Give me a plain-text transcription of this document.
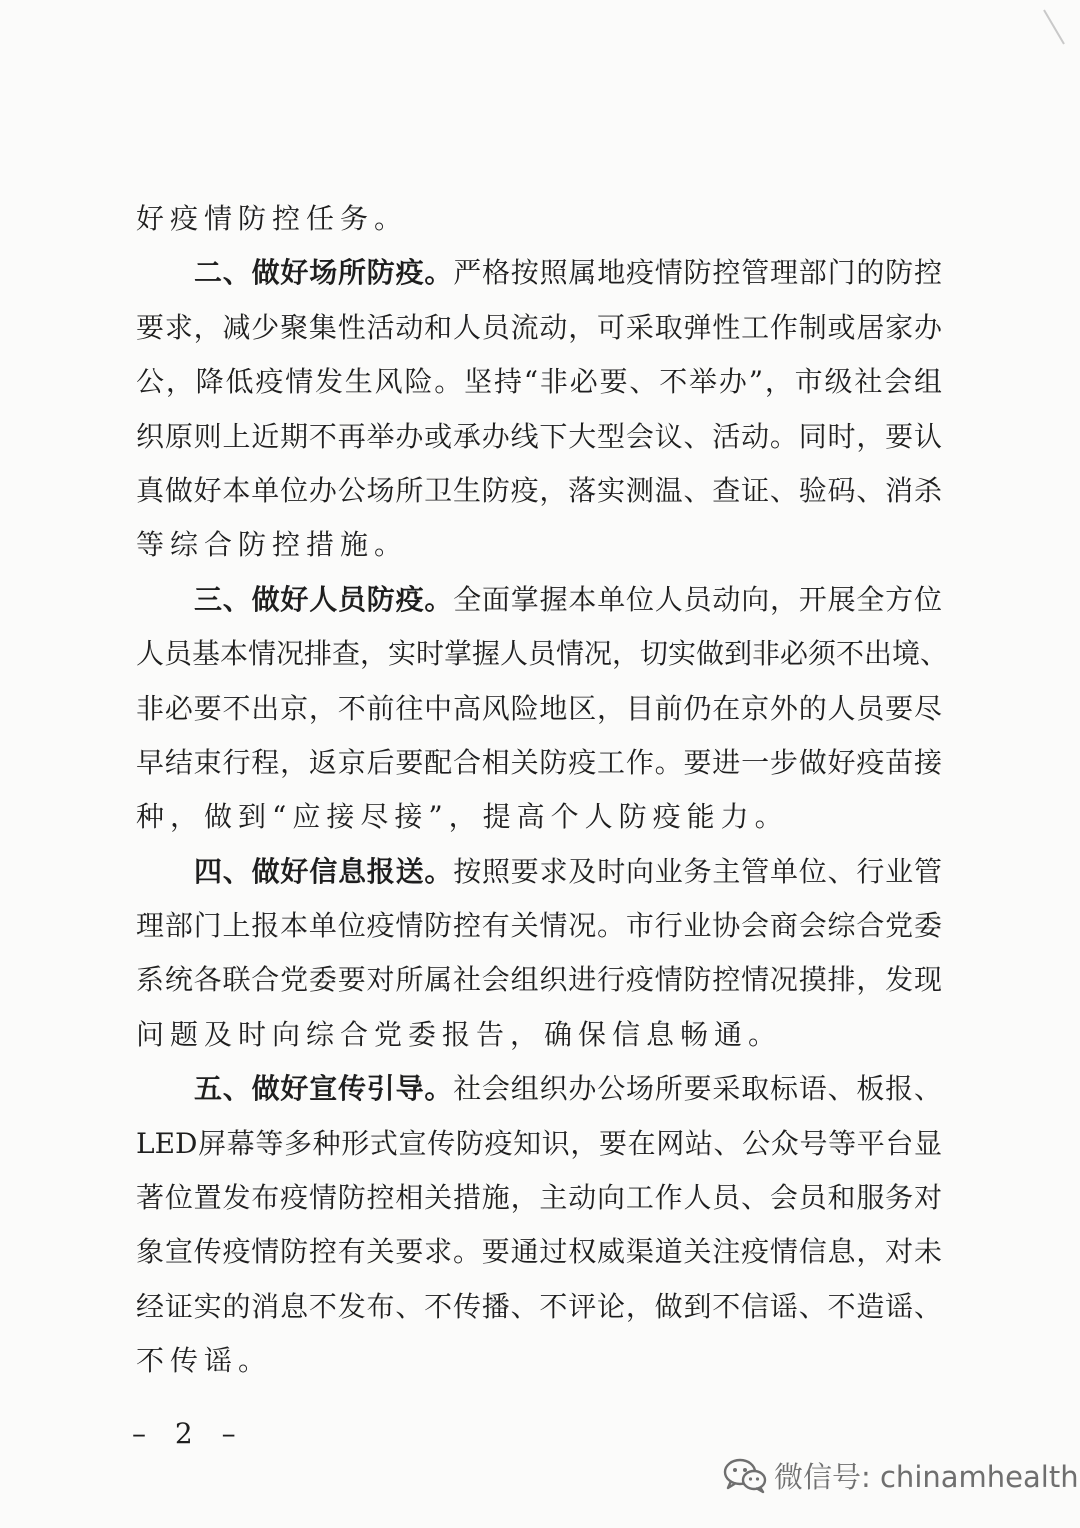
好疫情防控任务。
二、做好场所防疫。严格按照属地疫情防控管理部门的防控
要求，减少聚集性活动和人员流动，可采取弹性工作制或居家办
公，降低疫情发生风险。坚持“非必要、不举办”，市级社会组
织原则上近期不再举办或承办线下大型会议、活动。同时，要认
真做好本单位办公场所卫生防疫，落实测温、查证、验码、消杀
等综合防控措施。
三、做好人员防疫。全面掌握本单位人员动向，开展全方位
人员基本情况排查，实时掌握人员情况，切实做到非必须不出境、
非必要不出京，不前往中高风险地区，目前仍在京外的人员要尽
早结束行程，返京后要配合相关防疫工作。要进一步做好疫苗接
种，做到“应接尽接”，提高个人防疫能力。
四、做好信息报送。按照要求及时向业务主管单位、行业管
理部门上报本单位疫情防控有关情况。市行业协会商会综合党委
系统各联合党委要对所属社会组织进行疫情防控情况摸排，发现
问题及时向综合党委报告，确保信息畅通。
五、做好宣传引导。社会组织办公场所要采取标语、板报、
LED屏幕等多种形式宣传防疫知识，要在网站、公众号等平台显
著位置发布疫情防控相关措施，主动向工作人员、会员和服务对
象宣传疫情防控有关要求。要通过权威渠道关注疫情信息，对未
经证实的消息不发布、不传播、不评论，做到不信谣、不造谣、
不传谣。
– 2 –
微信号: chinamhealth
